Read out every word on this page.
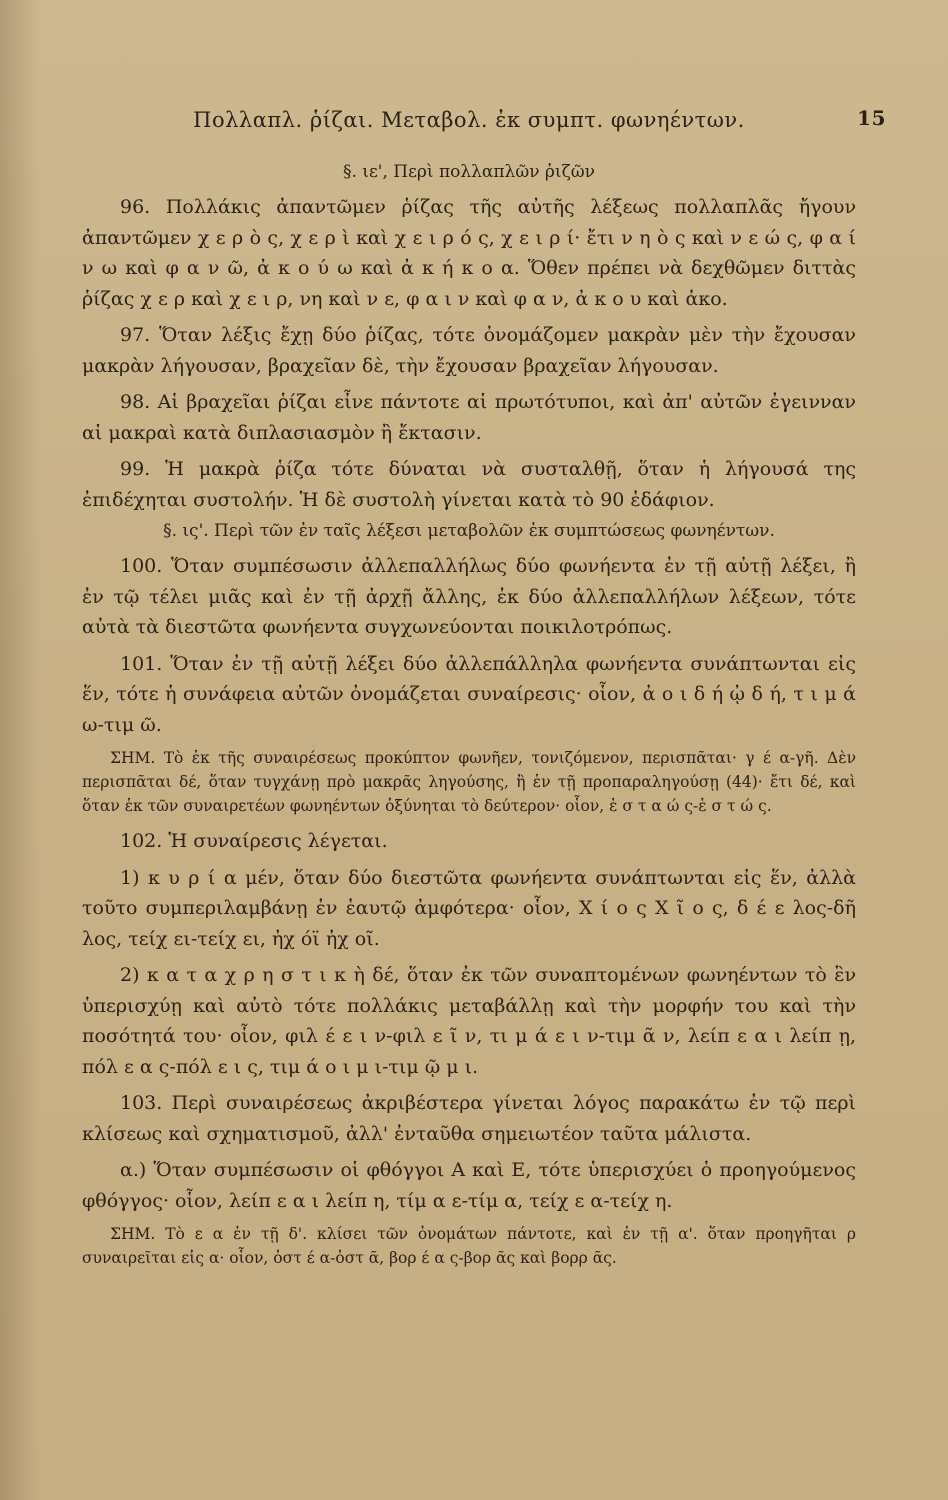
Πολλαπλ. ῥίζαι. Μεταβολ. ἐκ συμπτ. φωνηέντων.	15
§. ιε', Περὶ πολλαπλῶν ῥιζῶν

96. Πολλάκις ἀπαντῶμεν ῥίζας τῆς αὐτῆς λέξεως πολλαπλᾶς ἤγουν ἀπαντῶμεν χ ε ρ ὸ ς, χ ε ρ ὶ καὶ χ ε ι ρ ό ς, χ ε ι ρ ί· ἔτι ν η ὸ ς καὶ ν ε ώ ς, φ α ί ν ω καὶ φ α ν ῶ, ἀ κ ο ύ ω καὶ ἀ κ ή κ ο α. Ὅθεν πρέπει νὰ δεχθῶμεν διττὰς ῥίζας χ ε ρ καὶ χ ε ι ρ, νη καὶ ν ε, φ α ι ν καὶ φ α ν, ἀ κ ο υ καὶ ἀκο.

97. Ὅταν λέξις ἔχῃ δύο ῥίζας, τότε ὀνομάζομεν μακρὰν μὲν τὴν ἔχουσαν μακρὰν λήγουσαν, βραχεῖαν δὲ, τὴν ἔχουσαν βραχεῖαν λήγουσαν.

98. Αἱ βραχεῖαι ῥίζαι εἶνε πάντοτε αἱ πρωτότυποι, καὶ ἀπ' αὐτῶν ἐγεινναν αἱ μακραὶ κατὰ διπλασιασμὸν ἢ ἔκτασιν.

99. Ἡ μακρὰ ῥίζα τότε δύναται νὰ συσταλθῇ, ὅταν ἡ λήγουσά της ἐπιδέχηται συστολήν. Ἡ δὲ συστολὴ γίνεται κατὰ τὸ 90 ἐδάφιον.

§. ις'. Περὶ τῶν ἐν ταῖς λέξεσι μεταβολῶν ἐκ συμπτώσεως φωνηέντων.

100. Ὅταν συμπέσωσιν ἀλλεπαλλήλως δύο φωνήεντα ἐν τῇ αὐτῇ λέξει, ἢ ἐν τῷ τέλει μιᾶς καὶ ἐν τῇ ἀρχῇ ἄλλης, ἐκ δύο ἀλλεπαλλήλων λέξεων, τότε αὐτὰ τὰ διεστῶτα φωνήεντα συγχωνεύονται ποικιλοτρόπως.

101. Ὅταν ἐν τῇ αὐτῇ λέξει δύο ἀλλεπάλληλα φωνήεντα συνάπτωνται εἰς ἕν, τότε ἡ συνάφεια αὐτῶν ὀνομάζεται συναίρεσις· οἷον, ἀ ο ι δ ή ᾠ δ ή, τ ι μ ά ω-τιμ ῶ.

ΣΗΜ. Τὸ ἐκ τῆς συναιρέσεως προκύπτον φωνῆεν, τονιζόμενον, περισπᾶται· γ έ α-γῆ. Δὲν περισπᾶται δέ, ὅταν τυγχάνῃ πρὸ μακρᾶς ληγούσης, ἢ ἐν τῇ προπαραληγούσῃ (44)· ἔτι δέ, καὶ ὅταν ἐκ τῶν συναιρετέων φωνηέντων ὀξύνηται τὸ δεύτερον· οἷον, ἑ σ τ α ώ ς-ἑ σ τ ώ ς.

102. Ἡ συναίρεσις λέγεται.

1) κ υ ρ ί α μέν, ὅταν δύο διεστῶτα φωνήεντα συνάπτωνται εἰς ἕν, ἀλλὰ τοῦτο συμπεριλαμβάνῃ ἐν ἑαυτῷ ἀμφότερα· οἷον, Χ ί ο ς Χ ῖ ο ς, δ έ ε λος-δῆ λος, τείχ ει-τείχ ει, ἠχ όϊ ἠχ οῖ.

2) κ α τ α χ ρ η σ τ ι κ ὴ δέ, ὅταν ἐκ τῶν συναπτομένων φωνηέντων τὸ ἓν ὑπερισχύῃ καὶ αὐτὸ τότε πολλάκις μεταβάλλῃ καὶ τὴν μορφήν του καὶ τὴν ποσότητά του· οἷον, φιλ έ ε ι ν-φιλ ε ῖ ν, τι μ ά ε ι ν-τιμ ᾶ ν, λείπ ε α ι λείπ ῃ, πόλ ε α ς-πόλ ε ι ς, τιμ ά ο ι μ ι-τιμ ῷ μ ι.

103. Περὶ συναιρέσεως ἀκριβέστερα γίνεται λόγος παρακάτω ἐν τῷ περὶ κλίσεως καὶ σχηματισμοῦ, ἀλλ' ἐνταῦθα σημειωτέον ταῦτα μάλιστα.

α.) Ὅταν συμπέσωσιν οἱ φθόγγοι Α καὶ Ε, τότε ὑπερισχύει ὁ προηγούμενος φθόγγος· οἷον, λείπ ε α ι λείπ η, τίμ α ε-τίμ α, τείχ ε α-τείχ η.

ΣΗΜ. Τὸ ε α ἐν τῇ δ'. κλίσει τῶν ὀνομάτων πάντοτε, καὶ ἐν τῇ α'. ὅταν προηγῆται ρ συναιρεῖται εἰς α· οἷον, ὀστ έ α-ὀστ ᾶ, βορ έ α ς-βορ ᾶς καὶ βορρ ᾶς.
